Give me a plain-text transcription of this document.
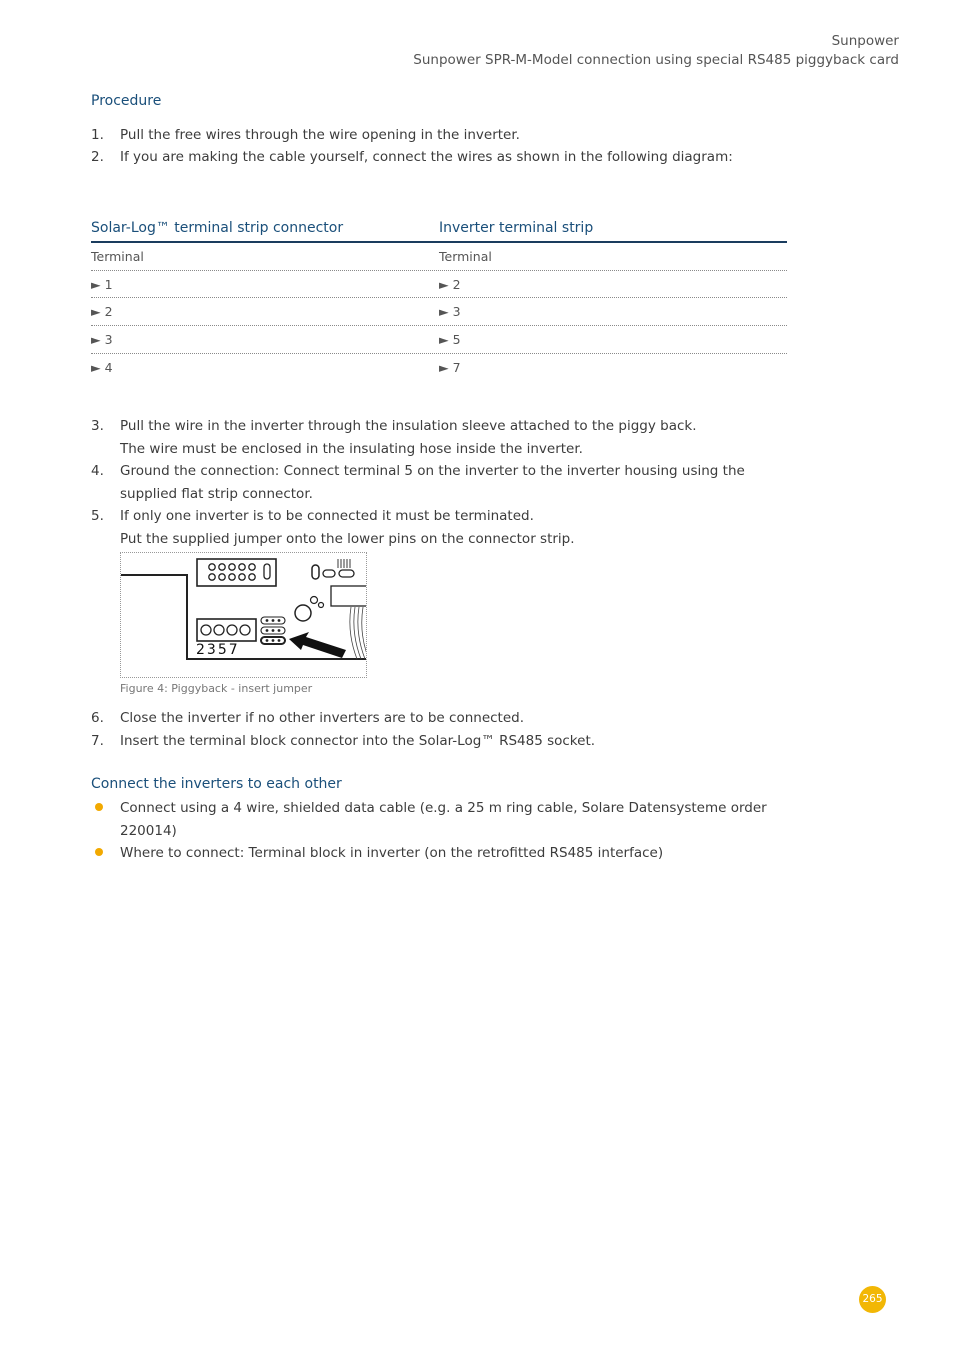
Sunpower
Sunpower SPR-M-Model connection using special RS485 piggyback card
Procedure
1. Pull the free wires through the wire opening in the inverter.
2. If you are making the cable yourself, connect the wires as shown in the following diagram:
Solar-Log™ terminal strip connector	Inverter terminal strip
Terminal	Terminal
► 1	► 2
► 2	► 3
► 3	► 5
► 4	► 7
3. Pull the wire in the inverter through the insulation sleeve attached to the piggy back.
The wire must be enclosed in the insulating hose inside the inverter.
4. Ground the connection: Connect terminal 5 on the inverter to the inverter housing using the
supplied flat strip connector.
5. If only one inverter is to be connected it must be terminated.
Put the supplied jumper onto the lower pins on the connector strip.
2357
Figure 4: Piggyback - insert jumper
6. Close the inverter if no other inverters are to be connected.
7. Insert the terminal block connector into the Solar-Log™ RS485 socket.
Connect the inverters to each other
Connect using a 4 wire, shielded data cable (e.g. a 25 m ring cable, Solare Datensysteme order
220014)
Where to connect: Terminal block in inverter (on the retrofitted RS485 interface)
265
